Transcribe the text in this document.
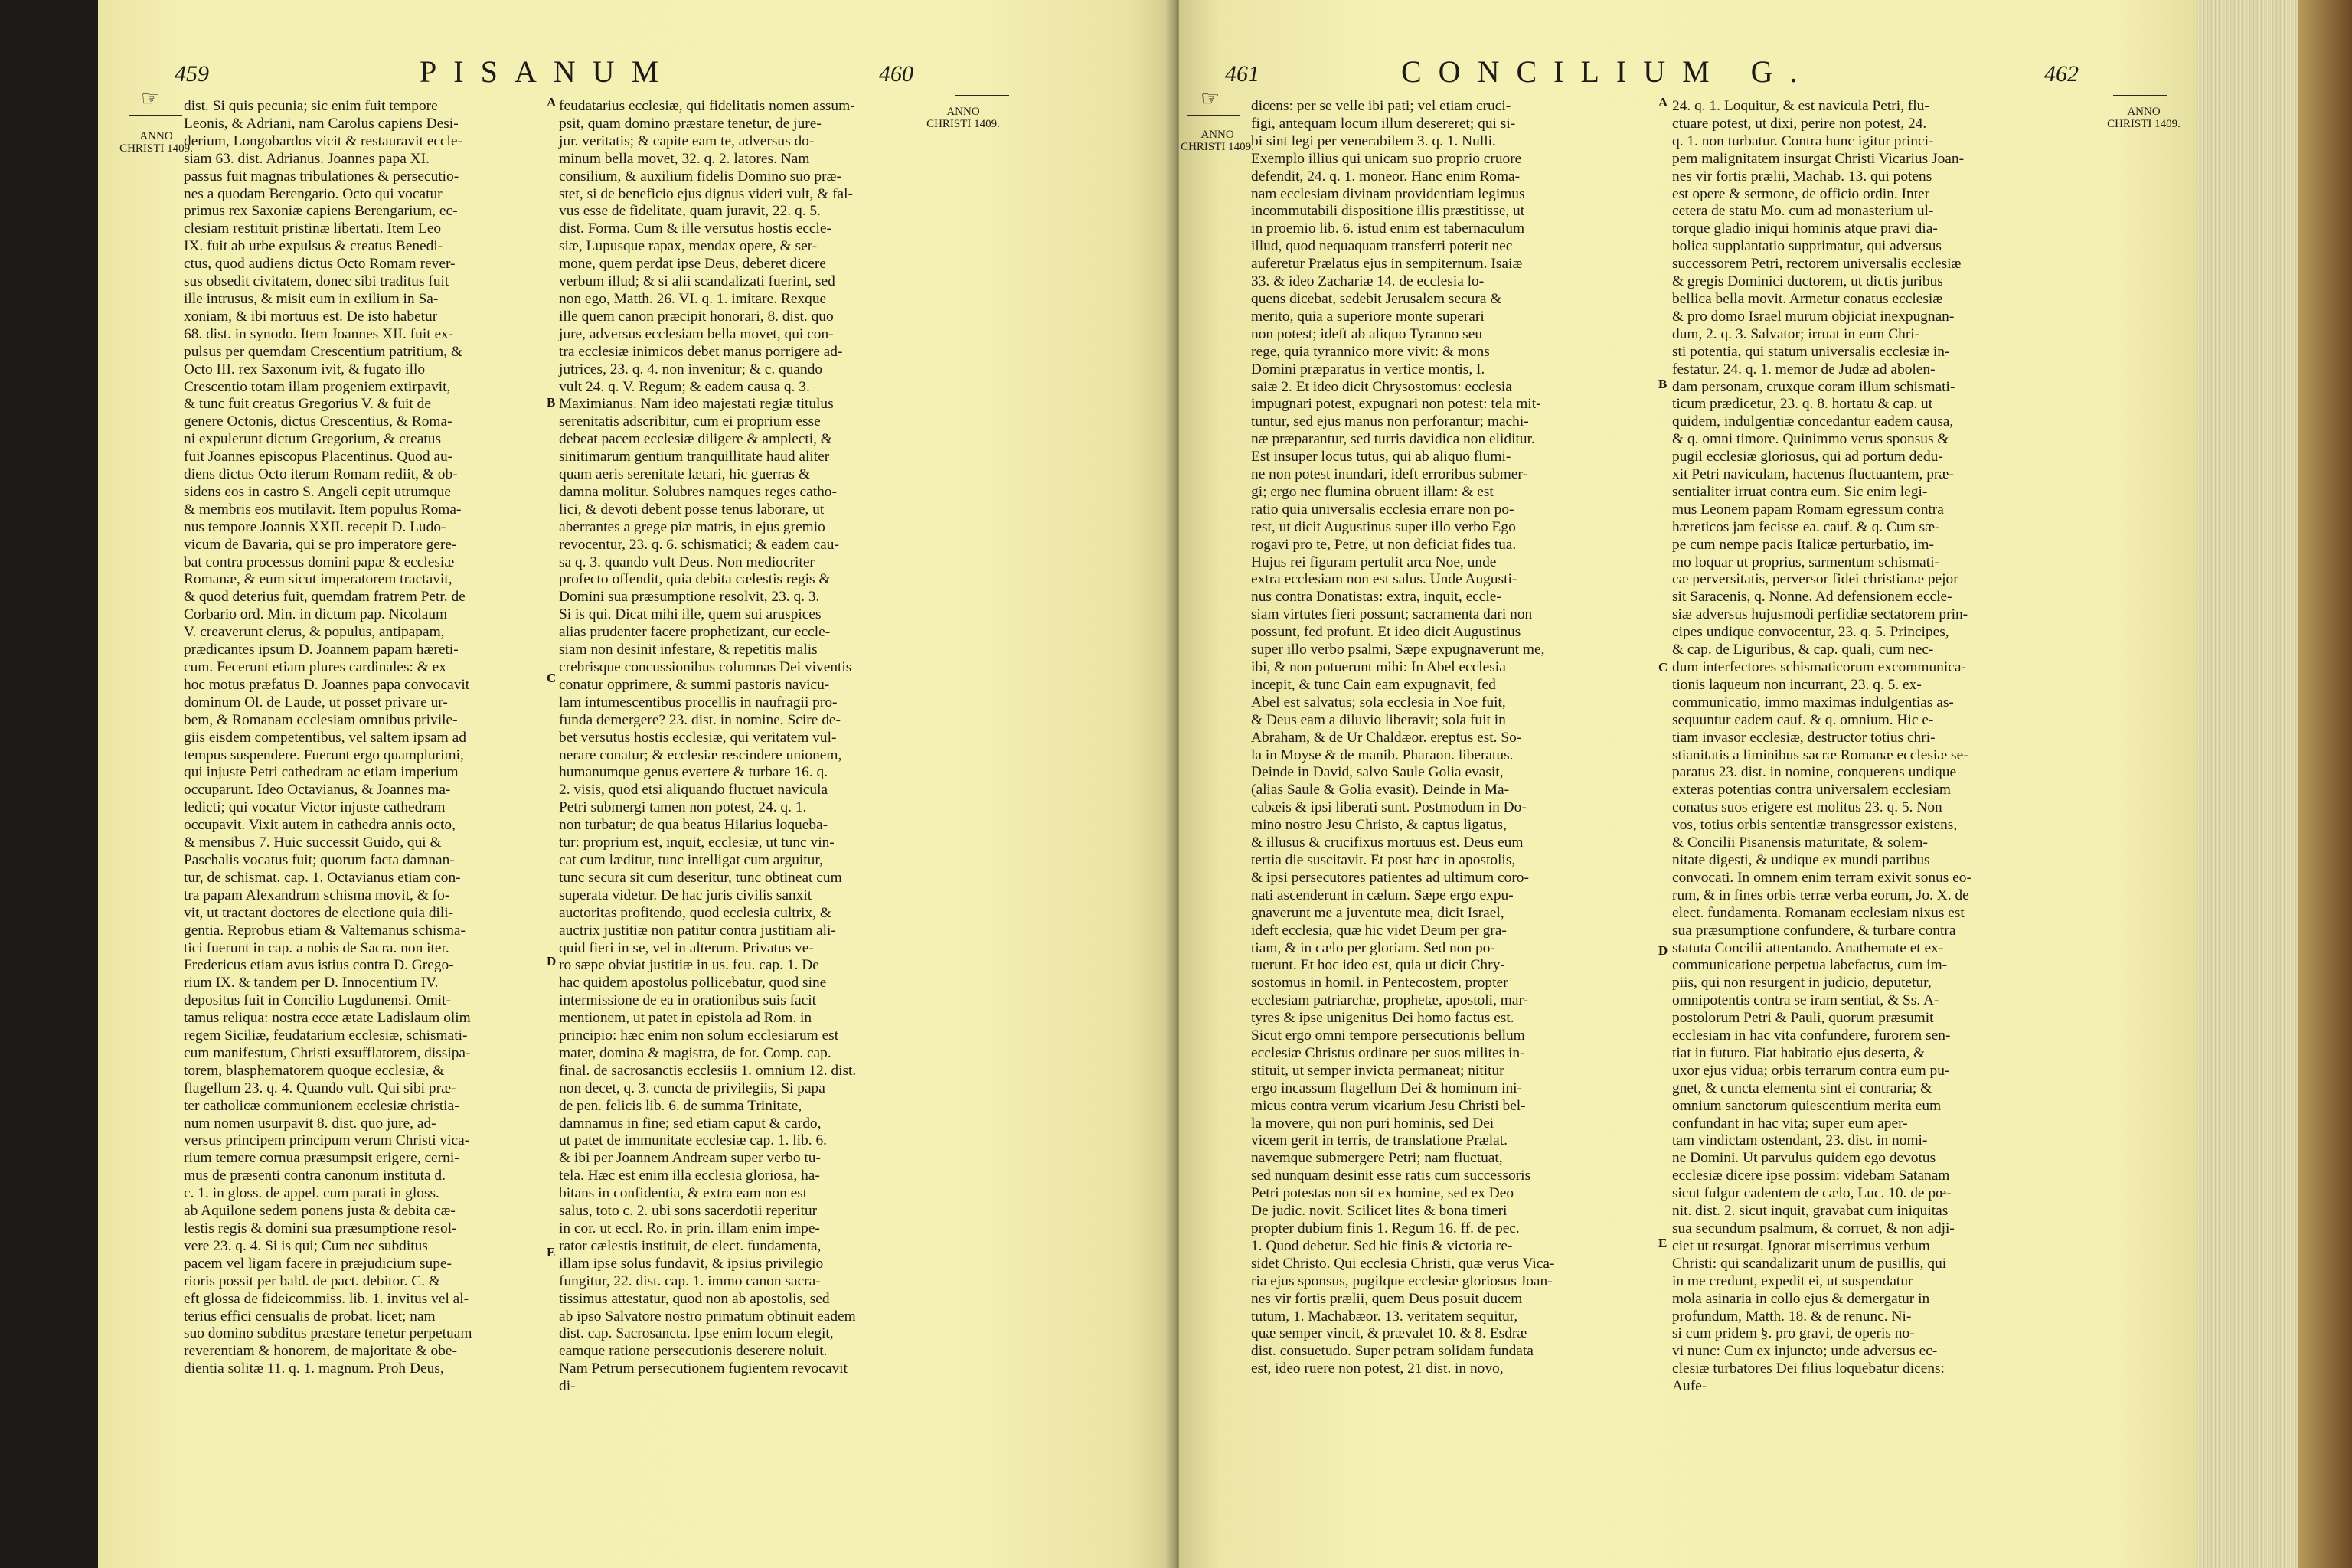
459	PISANUM	460
☞
ANNO CHRISTI 1409.
ANNO CHRISTI 1409.
A
B
C
D
E
dist. Si quis pecunia; sic enim fuit tempore
Leonis, & Adriani, nam Carolus capiens Desi-
derium, Longobardos vicit & restauravit eccle-
siam 63. dist. Adrianus. Joannes papa XI.
passus fuit magnas tribulationes & persecutio-
nes a quodam Berengario. Octo qui vocatur
primus rex Saxoniæ capiens Berengarium, ec-
clesiam restituit pristinæ libertati. Item Leo
IX. fuit ab urbe expulsus & creatus Benedi-
ctus, quod audiens dictus Octo Romam rever-
sus obsedit civitatem, donec sibi traditus fuit
ille intrusus, & misit eum in exilium in Sa-
xoniam, & ibi mortuus est. De isto habetur
68. dist. in synodo. Item Joannes XII. fuit ex-
pulsus per quemdam Crescentium patritium, &
Octo III. rex Saxonum ivit, & fugato illo
Crescentio totam illam progeniem extirpavit,
& tunc fuit creatus Gregorius V. & fuit de
genere Octonis, dictus Crescentius, & Roma-
ni expulerunt dictum Gregorium, & creatus
fuit Joannes episcopus Placentinus. Quod au-
diens dictus Octo iterum Romam rediit, & ob-
sidens eos in castro S. Angeli cepit utrumque
& membris eos mutilavit. Item populus Roma-
nus tempore Joannis XXII. recepit D. Ludo-
vicum de Bavaria, qui se pro imperatore gere-
bat contra processus domini papæ & ecclesiæ
Romanæ, & eum sicut imperatorem tractavit,
& quod deterius fuit, quemdam fratrem Petr. de
Corbario ord. Min. in dictum pap. Nicolaum
V. creaverunt clerus, & populus, antipapam,
prædicantes ipsum D. Joannem papam hæreti-
cum. Fecerunt etiam plures cardinales: & ex
hoc motus præfatus D. Joannes papa convocavit
dominum Ol. de Laude, ut posset privare ur-
bem, & Romanam ecclesiam omnibus privile-
giis eisdem competentibus, vel saltem ipsam ad
tempus suspendere. Fuerunt ergo quamplurimi,
qui injuste Petri cathedram ac etiam imperium
occuparunt. Ideo Octavianus, & Joannes ma-
ledicti; qui vocatur Victor injuste cathedram
occupavit. Vixit autem in cathedra annis octo,
& mensibus 7. Huic successit Guido, qui &
Paschalis vocatus fuit; quorum facta damnan-
tur, de schismat. cap. 1. Octavianus etiam con-
tra papam Alexandrum schisma movit, & fo-
vit, ut tractant doctores de electione quia dili-
gentia. Reprobus etiam & Valtemanus schisma-
tici fuerunt in cap. a nobis de Sacra. non iter.
Fredericus etiam avus istius contra D. Grego-
rium IX. & tandem per D. Innocentium IV.
depositus fuit in Concilio Lugdunensi. Omit-
tamus reliqua: nostra ecce ætate Ladislaum olim
regem Siciliæ, feudatarium ecclesiæ, schismati-
cum manifestum, Christi exsufflatorem, dissipa-
torem, blasphematorem quoque ecclesiæ, &
flagellum 23. q. 4. Quando vult. Qui sibi præ-
ter catholicæ communionem ecclesiæ christia-
num nomen usurpavit 8. dist. quo jure, ad-
versus principem principum verum Christi vica-
rium temere cornua præsumpsit erigere, cerni-
mus de præsenti contra canonum instituta d.
c. 1. in gloss. de appel. cum parati in gloss.
ab Aquilone sedem ponens justa & debita cæ-
lestis regis & domini sua præsumptione resol-
vere 23. q. 4. Si is qui; Cum nec subditus
pacem vel ligam facere in præjudicium supe-
rioris possit per bald. de pact. debitor. C. &
eft glossa de fideicommiss. lib. 1. invitus vel al-
terius effici censualis de probat. licet; nam
suo domino subditus præstare tenetur perpetuam
reverentiam & honorem, de majoritate & obe-
dientia solitæ 11. q. 1. magnum. Proh Deus,
feudatarius ecclesiæ, qui fidelitatis nomen assum-
psit, quam domino præstare tenetur, de jure-
jur. veritatis; & capite eam te, adversus do-
minum bella movet, 32. q. 2. latores. Nam
consilium, & auxilium fidelis Domino suo præ-
stet, si de beneficio ejus dignus videri vult, & fal-
vus esse de fidelitate, quam juravit, 22. q. 5.
dist. Forma. Cum & ille versutus hostis eccle-
siæ, Lupusque rapax, mendax opere, & ser-
mone, quem perdat ipse Deus, deberet dicere
verbum illud; & si alii scandalizati fuerint, sed
non ego, Matth. 26. VI. q. 1. imitare. Rexque
ille quem canon præcipit honorari, 8. dist. quo
jure, adversus ecclesiam bella movet, qui con-
tra ecclesiæ inimicos debet manus porrigere ad-
jutrices, 23. q. 4. non invenitur; & c. quando
vult 24. q. V. Regum; & eadem causa q. 3.
Maximianus. Nam ideo majestati regiæ titulus
serenitatis adscribitur, cum ei proprium esse
debeat pacem ecclesiæ diligere & amplecti, &
sinitimarum gentium tranquillitate haud aliter
quam aeris serenitate lætari, hic guerras &
damna molitur. Solubres namques reges catho-
lici, & devoti debent posse tenus laborare, ut
aberrantes a grege piæ matris, in ejus gremio
revocentur, 23. q. 6. schismatici; & eadem cau-
sa q. 3. quando vult Deus. Non mediocriter
profecto offendit, quia debita cælestis regis &
Domini sua præsumptione resolvit, 23. q. 3.
Si is qui. Dicat mihi ille, quem sui aruspices
alias prudenter facere prophetizant, cur eccle-
siam non desinit infestare, & repetitis malis
crebrisque concussionibus columnas Dei viventis
conatur opprimere, & summi pastoris navicu-
lam intumescentibus procellis in naufragii pro-
funda demergere? 23. dist. in nomine. Scire de-
bet versutus hostis ecclesiæ, qui veritatem vul-
nerare conatur; & ecclesiæ rescindere unionem,
humanumque genus evertere & turbare 16. q.
2. visis, quod etsi aliquando fluctuet navicula
Petri submergi tamen non potest, 24. q. 1.
non turbatur; de qua beatus Hilarius loqueba-
tur: proprium est, inquit, ecclesiæ, ut tunc vin-
cat cum læditur, tunc intelligat cum arguitur,
tunc secura sit cum deseritur, tunc obtineat cum
superata videtur. De hac juris civilis sanxit
auctoritas profitendo, quod ecclesia cultrix, &
auctrix justitiæ non patitur contra justitiam ali-
quid fieri in se, vel in alterum. Privatus ve-
ro sæpe obviat justitiæ in us. feu. cap. 1. De
hac quidem apostolus pollicebatur, quod sine
intermissione de ea in orationibus suis facit
mentionem, ut patet in epistola ad Rom. in
principio: hæc enim non solum ecclesiarum est
mater, domina & magistra, de for. Comp. cap.
final. de sacrosanctis ecclesiis 1. omnium 12. dist.
non decet, q. 3. cuncta de privilegiis, Si papa
de pen. felicis lib. 6. de summa Trinitate,
damnamus in fine; sed etiam caput & cardo,
ut patet de immunitate ecclesiæ cap. 1. lib. 6.
& ibi per Joannem Andream super verbo tu-
tela. Hæc est enim illa ecclesia gloriosa, ha-
bitans in confidentia, & extra eam non est
salus, toto c. 2. ubi sons sacerdotii reperitur
in cor. ut eccl. Ro. in prin. illam enim impe-
rator cælestis instituit, de elect. fundamenta,
illam ipse solus fundavit, & ipsius privilegio
fungitur, 22. dist. cap. 1. immo canon sacra-
tissimus attestatur, quod non ab apostolis, sed
ab ipso Salvatore nostro primatum obtinuit eadem
dist. cap. Sacrosancta. Ipse enim locum elegit,
eamque ratione persecutionis deserere noluit.
Nam Petrum persecutionem fugientem revocavit
di-
461	CONCILIUM G.	462
☞
ANNO CHRISTI 1409.
ANNO CHRISTI 1409.
A
B
C
D
E
dicens: per se velle ibi pati; vel etiam cruci-
figi, antequam locum illum desereret; qui si-
bi sint legi per venerabilem 3. q. 1. Nulli.
Exemplo illius qui unicam suo proprio cruore
defendit, 24. q. 1. moneor. Hanc enim Roma-
nam ecclesiam divinam providentiam legimus
incommutabili dispositione illis præstitisse, ut
in proemio lib. 6. istud enim est tabernaculum
illud, quod nequaquam transferri poterit nec
auferetur Prælatus ejus in sempiternum. Isaiæ
33. & ideo Zachariæ 14. de ecclesia lo-
quens dicebat, sedebit Jerusalem secura &
merito, quia a superiore monte superari
non potest; ideft ab aliquo Tyranno seu
rege, quia tyrannico more vivit: & mons
Domini præparatus in vertice montis, I.
saiæ 2. Et ideo dicit Chrysostomus: ecclesia
impugnari potest, expugnari non potest: tela mit-
tuntur, sed ejus manus non perforantur; machi-
næ præparantur, sed turris davidica non eliditur.
Est insuper locus tutus, qui ab aliquo flumi-
ne non potest inundari, ideft erroribus submer-
gi; ergo nec flumina obruent illam: & est
ratio quia universalis ecclesia errare non po-
test, ut dicit Augustinus super illo verbo Ego
rogavi pro te, Petre, ut non deficiat fides tua.
Hujus rei figuram pertulit arca Noe, unde
extra ecclesiam non est salus. Unde Augusti-
nus contra Donatistas: extra, inquit, eccle-
siam virtutes fieri possunt; sacramenta dari non
possunt, fed profunt. Et ideo dicit Augustinus
super illo verbo psalmi, Sæpe expugnaverunt me,
ibi, & non potuerunt mihi: In Abel ecclesia
incepit, & tunc Cain eam expugnavit, fed
Abel est salvatus; sola ecclesia in Noe fuit,
& Deus eam a diluvio liberavit; sola fuit in
Abraham, & de Ur Chaldæor. ereptus est. So-
la in Moyse & de manib. Pharaon. liberatus.
Deinde in David, salvo Saule Golia evasit,
(alias Saule & Golia evasit). Deinde in Ma-
cabæis & ipsi liberati sunt. Postmodum in Do-
mino nostro Jesu Christo, & captus ligatus,
& illusus & crucifixus mortuus est. Deus eum
tertia die suscitavit. Et post hæc in apostolis,
& ipsi persecutores patientes ad ultimum coro-
nati ascenderunt in cælum. Sæpe ergo expu-
gnaverunt me a juventute mea, dicit Israel,
ideft ecclesia, quæ hic videt Deum per gra-
tiam, & in cælo per gloriam. Sed non po-
tuerunt. Et hoc ideo est, quia ut dicit Chry-
sostomus in homil. in Pentecostem, propter
ecclesiam patriarchæ, prophetæ, apostoli, mar-
tyres & ipse unigenitus Dei homo factus est.
Sicut ergo omni tempore persecutionis bellum
ecclesiæ Christus ordinare per suos milites in-
stituit, ut semper invicta permaneat; nititur
ergo incassum flagellum Dei & hominum ini-
micus contra verum vicarium Jesu Christi bel-
la movere, qui non puri hominis, sed Dei
vicem gerit in terris, de translatione Prælat.
navemque submergere Petri; nam fluctuat,
sed nunquam desinit esse ratis cum successoris
Petri potestas non sit ex homine, sed ex Deo
De judic. novit. Scilicet lites & bona timeri
propter dubium finis 1. Regum 16. ff. de pec.
1. Quod debetur. Sed hic finis & victoria re-
sidet Christo. Qui ecclesia Christi, quæ verus Vica-
ria ejus sponsus, pugilque ecclesiæ gloriosus Joan-
nes vir fortis prælii, quem Deus posuit ducem
tutum, 1. Machabæor. 13. veritatem sequitur,
quæ semper vincit, & prævalet 10. & 8. Esdræ
dist. consuetudo. Super petram solidam fundata
est, ideo ruere non potest, 21 dist. in novo,
24. q. 1. Loquitur, & est navicula Petri, flu-
ctuare potest, ut dixi, perire non potest, 24.
q. 1. non turbatur. Contra hunc igitur princi-
pem malignitatem insurgat Christi Vicarius Joan-
nes vir fortis prælii, Machab. 13. qui potens
est opere & sermone, de officio ordin. Inter
cetera de statu Mo. cum ad monasterium ul-
torque gladio iniqui hominis atque pravi dia-
bolica supplantatio supprimatur, qui adversus
successorem Petri, rectorem universalis ecclesiæ
& gregis Dominici ductorem, ut dictis juribus
bellica bella movit. Armetur conatus ecclesiæ
& pro domo Israel murum objiciat inexpugnan-
dum, 2. q. 3. Salvator; irruat in eum Chri-
sti potentia, qui statum universalis ecclesiæ in-
festatur. 24. q. 1. memor de Judæ ad abolen-
dam personam, cruxque coram illum schismati-
ticum prædicetur, 23. q. 8. hortatu & cap. ut
quidem, indulgentiæ concedantur eadem causa,
& q. omni timore. Quinimmo verus sponsus &
pugil ecclesiæ gloriosus, qui ad portum dedu-
xit Petri naviculam, hactenus fluctuantem, præ-
sentialiter irruat contra eum. Sic enim legi-
mus Leonem papam Romam egressum contra
hæreticos jam fecisse ea. cauf. & q. Cum sæ-
pe cum nempe pacis Italicæ perturbatio, im-
mo loquar ut proprius, sarmentum schismati-
cæ perversitatis, perversor fidei christianæ pejor
sit Saracenis, q. Nonne. Ad defensionem eccle-
siæ adversus hujusmodi perfidiæ sectatorem prin-
cipes undique convocentur, 23. q. 5. Principes,
& cap. de Liguribus, & cap. quali, cum nec-
dum interfectores schismaticorum excommunica-
tionis laqueum non incurrant, 23. q. 5. ex-
communicatio, immo maximas indulgentias as-
sequuntur eadem cauf. & q. omnium. Hic e-
tiam invasor ecclesiæ, destructor totius chri-
stianitatis a liminibus sacræ Romanæ ecclesiæ se-
paratus 23. dist. in nomine, conquerens undique
exteras potentias contra universalem ecclesiam
conatus suos erigere est molitus 23. q. 5. Non
vos, totius orbis sententiæ transgressor existens,
& Concilii Pisanensis maturitate, & solem-
nitate digesti, & undique ex mundi partibus
convocati. In omnem enim terram exivit sonus eo-
rum, & in fines orbis terræ verba eorum, Jo. X. de
elect. fundamenta. Romanam ecclesiam nixus est
sua præsumptione confundere, & turbare contra
statuta Concilii attentando. Anathemate et ex-
communicatione perpetua labefactus, cum im-
piis, qui non resurgent in judicio, deputetur,
omnipotentis contra se iram sentiat, & Ss. A-
postolorum Petri & Pauli, quorum præsumit
ecclesiam in hac vita confundere, furorem sen-
tiat in futuro. Fiat habitatio ejus deserta, &
uxor ejus vidua; orbis terrarum contra eum pu-
gnet, & cuncta elementa sint ei contraria; &
omnium sanctorum quiescentium merita eum
confundant in hac vita; super eum aper-
tam vindictam ostendant, 23. dist. in nomi-
ne Domini. Ut parvulus quidem ego devotus
ecclesiæ dicere ipse possim: videbam Satanam
sicut fulgur cadentem de cælo, Luc. 10. de pœ-
nit. dist. 2. sicut inquit, gravabat cum iniquitas
sua secundum psalmum, & corruet, & non adji-
ciet ut resurgat. Ignorat miserrimus verbum
Christi: qui scandalizarit unum de pusillis, qui
in me credunt, expedit ei, ut suspendatur
mola asinaria in collo ejus & demergatur in
profundum, Matth. 18. & de renunc. Ni-
si cum pridem §. pro gravi, de operis no-
vi nunc: Cum ex injuncto; unde adversus ec-
clesiæ turbatores Dei filius loquebatur dicens:
Aufe-
